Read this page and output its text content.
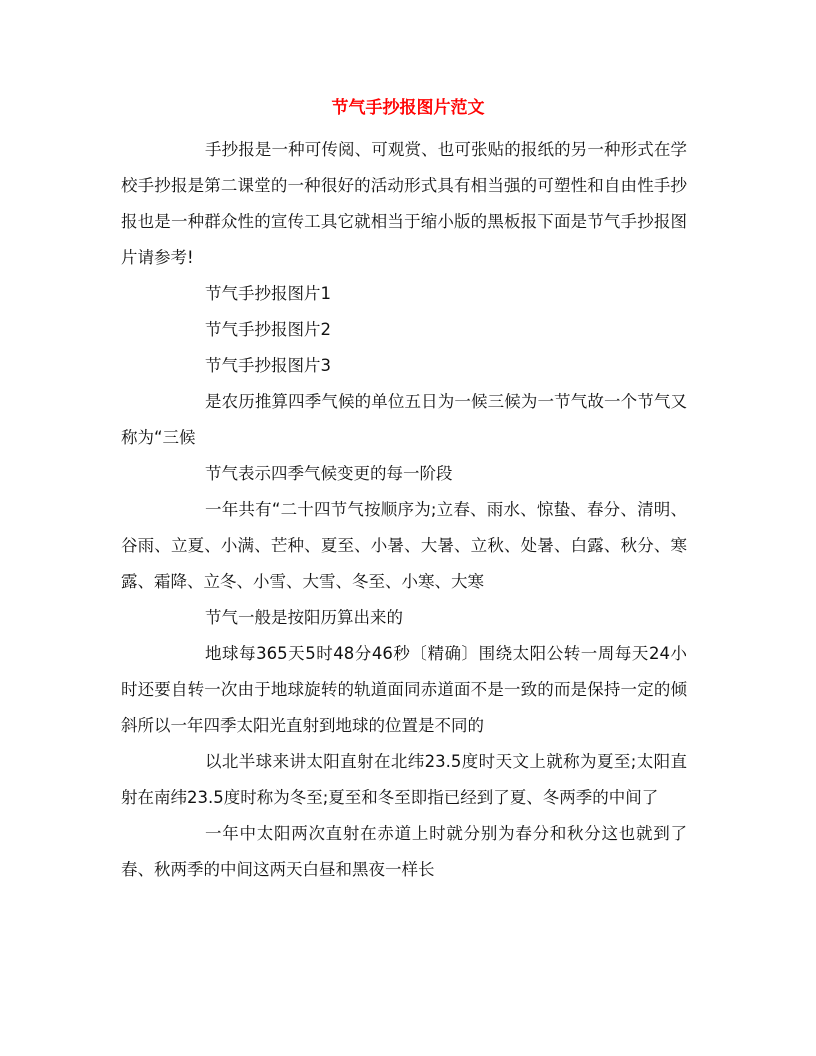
节气手抄报图片范文

手抄报是一种可传阅、可观赏、也可张贴的报纸的另一种形式在学校手抄报是第二课堂的一种很好的活动形式具有相当强的可塑性和自由性手抄报也是一种群众性的宣传工具它就相当于缩小版的黑板报下面是节气手抄报图片请参考!

节气手抄报图片1

节气手抄报图片2

节气手抄报图片3

是农历推算四季气候的单位五日为一候三候为一节气故一个节气又称为“三候

节气表示四季气候变更的每一阶段

一年共有“二十四节气按顺序为;立春、雨水、惊蛰、春分、清明、谷雨、立夏、小满、芒种、夏至、小暑、大暑、立秋、处暑、白露、秋分、寒露、霜降、立冬、小雪、大雪、冬至、小寒、大寒

节气一般是按阳历算出来的

地球每365天5时48分46秒〔精确〕围绕太阳公转一周每天24小时还要自转一次由于地球旋转的轨道面同赤道面不是一致的而是保持一定的倾斜所以一年四季太阳光直射到地球的位置是不同的

以北半球来讲太阳直射在北纬23.5度时天文上就称为夏至;太阳直射在南纬23.5度时称为冬至;夏至和冬至即指已经到了夏、冬两季的中间了

一年中太阳两次直射在赤道上时就分别为春分和秋分这也就到了春、秋两季的中间这两天白昼和黑夜一样长
